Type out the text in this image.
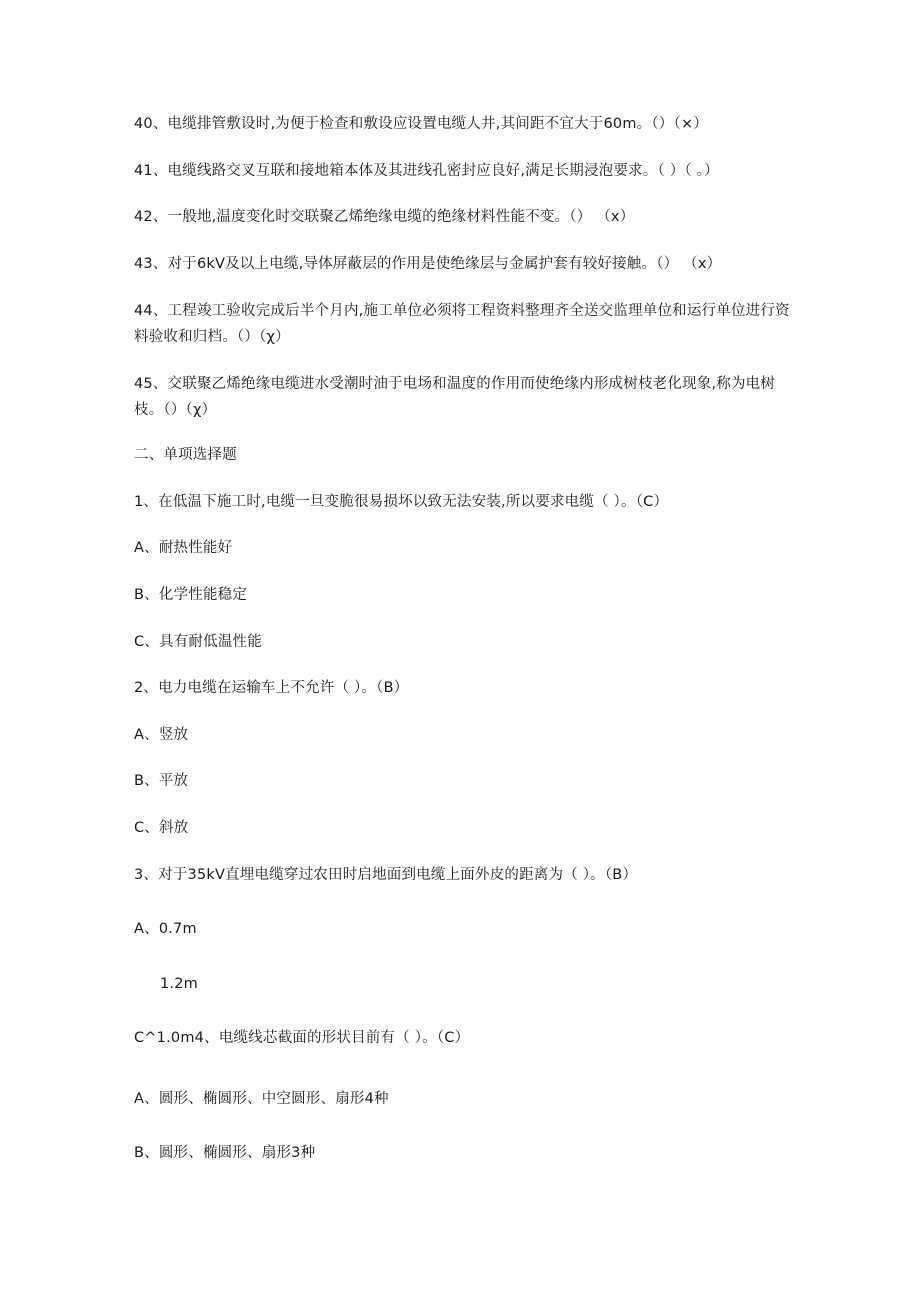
40、电缆排管敷设时,为便于检查和敷设应设置电缆人井,其间距不宜大于60m。（）（×）
41、电缆线路交叉互联和接地箱本体及其进线孔密封应良好,满足长期浸泡要求。（ ）（ 。）
42、一般地,温度变化时交联聚乙烯绝缘电缆的绝缘材料性能不变。（） （x）
43、对于6kV及以上电缆,导体屏蔽层的作用是使绝缘层与金属护套有较好接触。（） （x）
44、工程竣工验收完成后半个月内,施工单位必须将工程资料整理齐全送交监理单位和运行单位进行资料验收和归档。（）（χ）
45、交联聚乙烯绝缘电缆进水受潮时油于电场和温度的作用而使绝缘内形成树枝老化现象,称为电树枝。（）（χ）
二、单项选择题
1、在低温下施工时,电缆一旦变脆很易损坏以致无法安装,所以要求电缆（ ）。（C）
A、耐热性能好
B、化学性能稳定
C、具有耐低温性能
2、电力电缆在运输车上不允许（ ）。（B）
A、竖放
B、平放
C、斜放
3、对于35kV直埋电缆穿过农田时启地面到电缆上面外皮的距离为（ ）。（B）
A、0.7m
1.2m
C^1.0m4、电缆线芯截面的形状目前有（ ）。（C）
A、圆形、椭圆形、中空圆形、扇形4种
B、圆形、椭圆形、扇形3种
